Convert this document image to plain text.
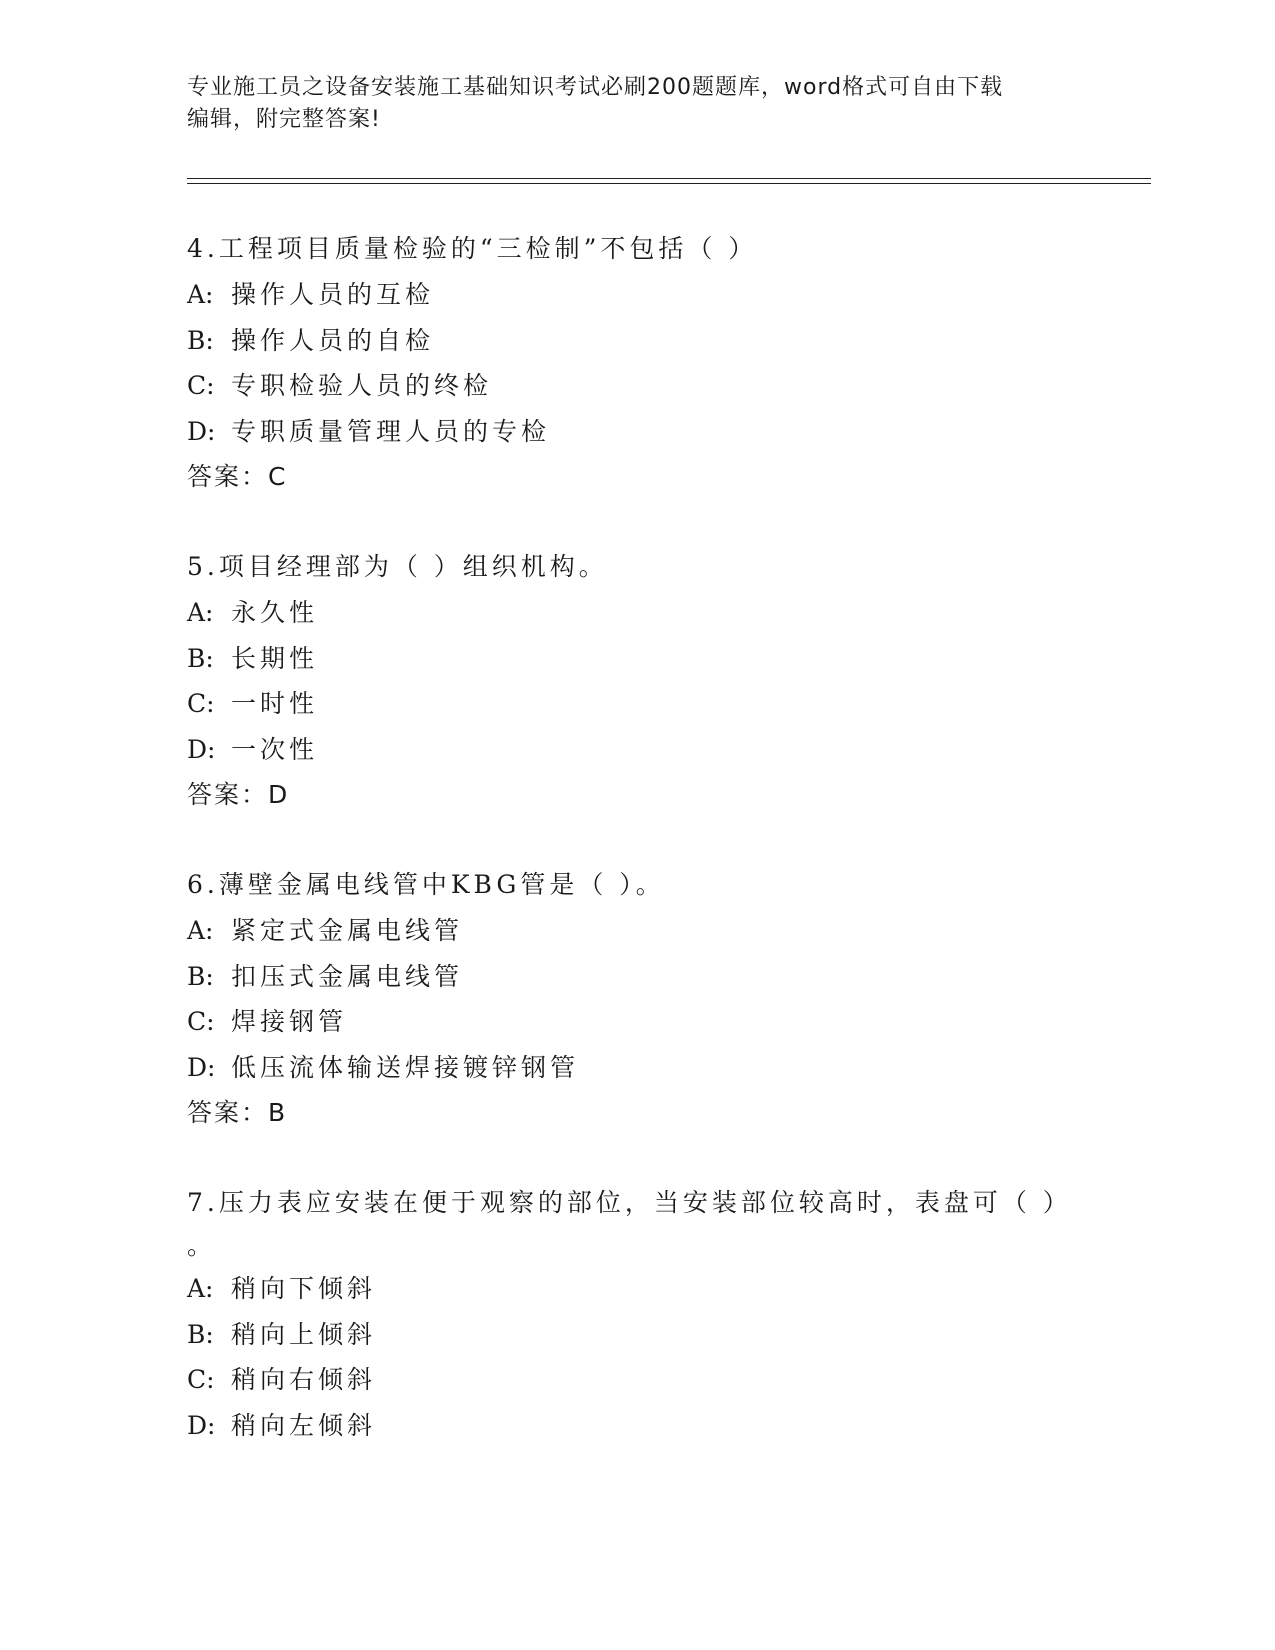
专业施工员之设备安装施工基础知识考试必刷200题题库，word格式可自由下载
编辑，附完整答案!

4.工程项目质量检验的“三检制”不包括（ ）

A: 操作人员的互检

B: 操作人员的自检

C: 专职检验人员的终检

D: 专职质量管理人员的专检

答案：C

5.项目经理部为（ ）组织机构。

A: 永久性

B: 长期性

C: 一时性

D: 一次性

答案：D

6.薄壁金属电线管中KBG管是（ ）。

A: 紧定式金属电线管

B: 扣压式金属电线管

C: 焊接钢管

D: 低压流体输送焊接镀锌钢管

答案：B

7.压力表应安装在便于观察的部位，当安装部位较高时，表盘可（ ）

。

A: 稍向下倾斜

B: 稍向上倾斜

C: 稍向右倾斜

D: 稍向左倾斜
